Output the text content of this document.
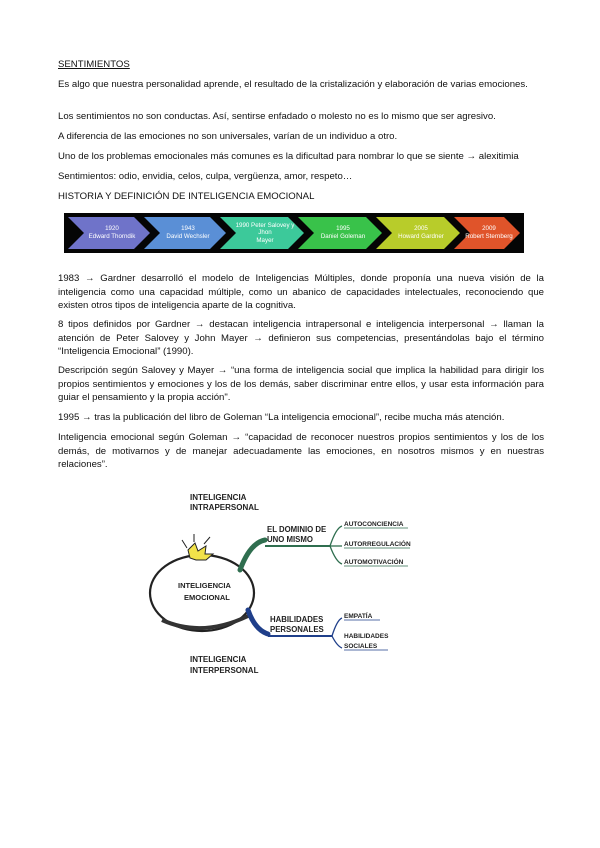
SENTIMIENTOS

Es algo que nuestra personalidad aprende, el resultado de la cristalización y elaboración de varias emociones.

Los sentimientos no son conductas. Así, sentirse enfadado o molesto no es lo mismo que ser agresivo.

A diferencia de las emociones no son universales, varían de un individuo a otro.

Uno de los problemas emocionales más comunes es la dificultad para nombrar lo que se siente → alexitimia

Sentimientos: odio, envidia, celos, culpa, vergüenza, amor, respeto…

HISTORIA Y DEFINICIÓN DE INTELIGENCIA EMOCIONAL

1920
Edward Thorndik
1943
David Wechsler
1990 Peter Salovey y Jhon
Mayer
1995
Daniel Goleman
2005
Howard Gardner
2009
Robert Sternberg

1983 → Gardner desarrolló el modelo de Inteligencias Múltiples, donde proponía una nueva visión de la inteligencia como una capacidad múltiple, como un abanico de capacidades intelectuales, reconociendo que existen otros tipos de inteligencia aparte de la cognitiva.

8 tipos definidos por Gardner → destacan inteligencia intrapersonal e inteligencia interpersonal → llaman la atención de Peter Salovey y John Mayer → definieron sus competencias, presentándolas bajo el término “Inteligencia Emocional” (1990).

Descripción según Salovey y Mayer → “una forma de inteligencia social que implica la habilidad para dirigir los propios sentimientos y emociones y los de los demás, saber discriminar entre ellos, y usar esta información para guiar el pensamiento y la propia acción".

1995 → tras la publicación del libro de Goleman “La inteligencia emocional”, recibe mucha más atención.

Inteligencia emocional según Goleman → “capacidad de reconocer nuestros propios sentimientos y los de los demás, de motivarnos y de manejar adecuadamente las emociones, en nosotros mismos y en nuestras relaciones”.

INTELIGENCIA
INTRAPERSONAL
INTELIGENCIA
EMOCIONAL
EL DOMINIO DE
UNO MISMO
AUTOCONCIENCIA
AUTORREGULACIÓN
AUTOMOTIVACIÓN
HABILIDADES
PERSONALES
EMPATÍA
HABILIDADES
SOCIALES
INTELIGENCIA
INTERPERSONAL
